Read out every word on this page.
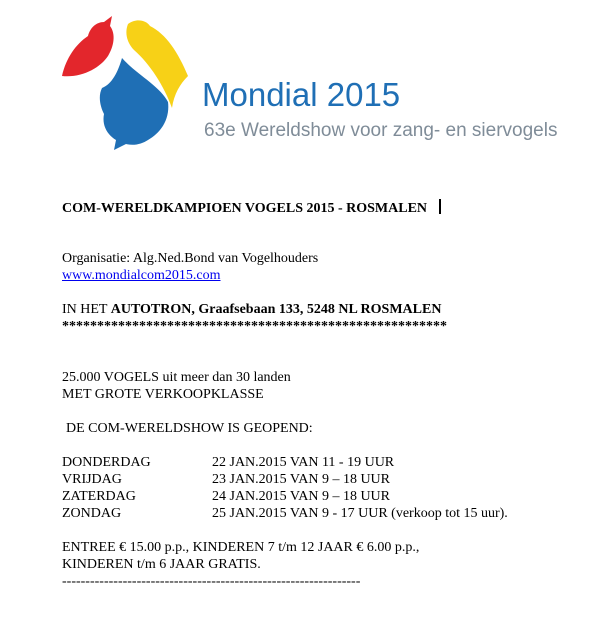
Mondial 2015
63e Wereldshow voor zang- en siervogels
COM-WERELDKAMPIOEN VOGELS 2015 - ROSMALEN
Organisatie: Alg.Ned.Bond van Vogelhouders
www.mondialcom2015.com
IN HET AUTOTRON, Graafsebaan 133, 5248 NL ROSMALEN
*******************************************************
25.000 VOGELS uit meer dan 30 landen
MET GROTE VERKOOPKLASSE
DE COM-WERELDSHOW IS GEOPEND:
DONDERDAG	22 JAN.2015 VAN 11 - 19 UUR
VRIJDAG	23 JAN.2015 VAN 9 – 18 UUR
ZATERDAG	24 JAN.2015 VAN 9 – 18 UUR
ZONDAG	25 JAN.2015 VAN 9 - 17 UUR (verkoop tot 15 uur).
ENTREE € 15.00 p.p., KINDEREN 7 t/m 12 JAAR € 6.00 p.p.,
KINDEREN t/m 6 JAAR GRATIS.
----------------------------------------------------------------
